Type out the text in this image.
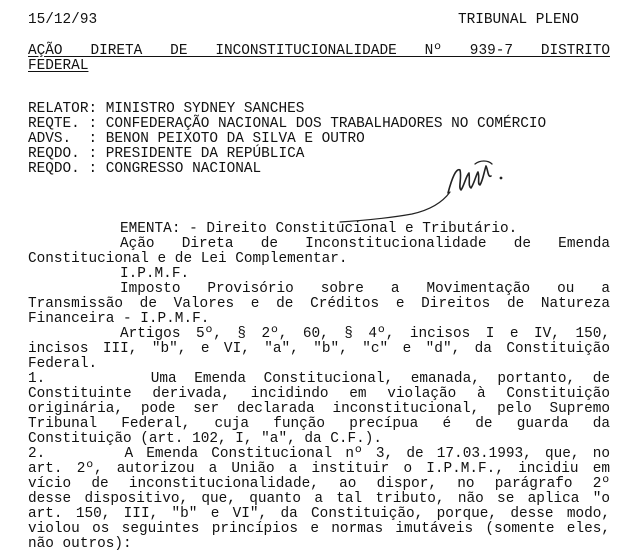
15/12/93	TRIBUNAL PLENO
AÇÃO DIRETA DE INCONSTITUCIONALIDADE Nº 939-7 DISTRITO
FEDERAL
RELATOR: MINISTRO SYDNEY SANCHES
REQTE. : CONFEDERAÇÃO NACIONAL DOS TRABALHADORES NO COMÉRCIO
ADVS.  : BENON PEIXOTO DA SILVA E OUTRO
REQDO. : PRESIDENTE DA REPÚBLICA
REQDO. : CONGRESSO NACIONAL
EMENTA: - Direito Constitucional e Tributário.
Ação Direta de Inconstitucionalidade de Emenda
Constitucional e de Lei Complementar.
I.P.M.F.
Imposto Provisório sobre a Movimentação ou a
Transmissão de Valores e de Créditos e Direitos de Natureza
Financeira - I.P.M.F.
Artigos 5º, § 2º, 60, § 4º, incisos I e IV, 150,
incisos III, "b", e VI, "a", "b", "c" e "d", da Constituição
Federal.
1.      Uma Emenda Constitucional, emanada, portanto, de
Constituinte derivada, incidindo em violação à Constituição
originária, pode ser declarada inconstitucional, pelo Supremo
Tribunal Federal, cuja função precípua é de guarda da
Constituição (art. 102, I, "a", da C.F.).
2.      A Emenda Constitucional nº 3, de 17.03.1993, que, no
art. 2º, autorizou a União a instituir o I.P.M.F., incidiu em
vício de inconstitucionalidade, ao dispor, no parágrafo 2º
desse dispositivo, que, quanto a tal tributo, não se aplica "o
art. 150, III, "b" e VI", da Constituição, porque, desse modo,
violou os seguintes princípios e normas imutáveis (somente eles,
não outros):
